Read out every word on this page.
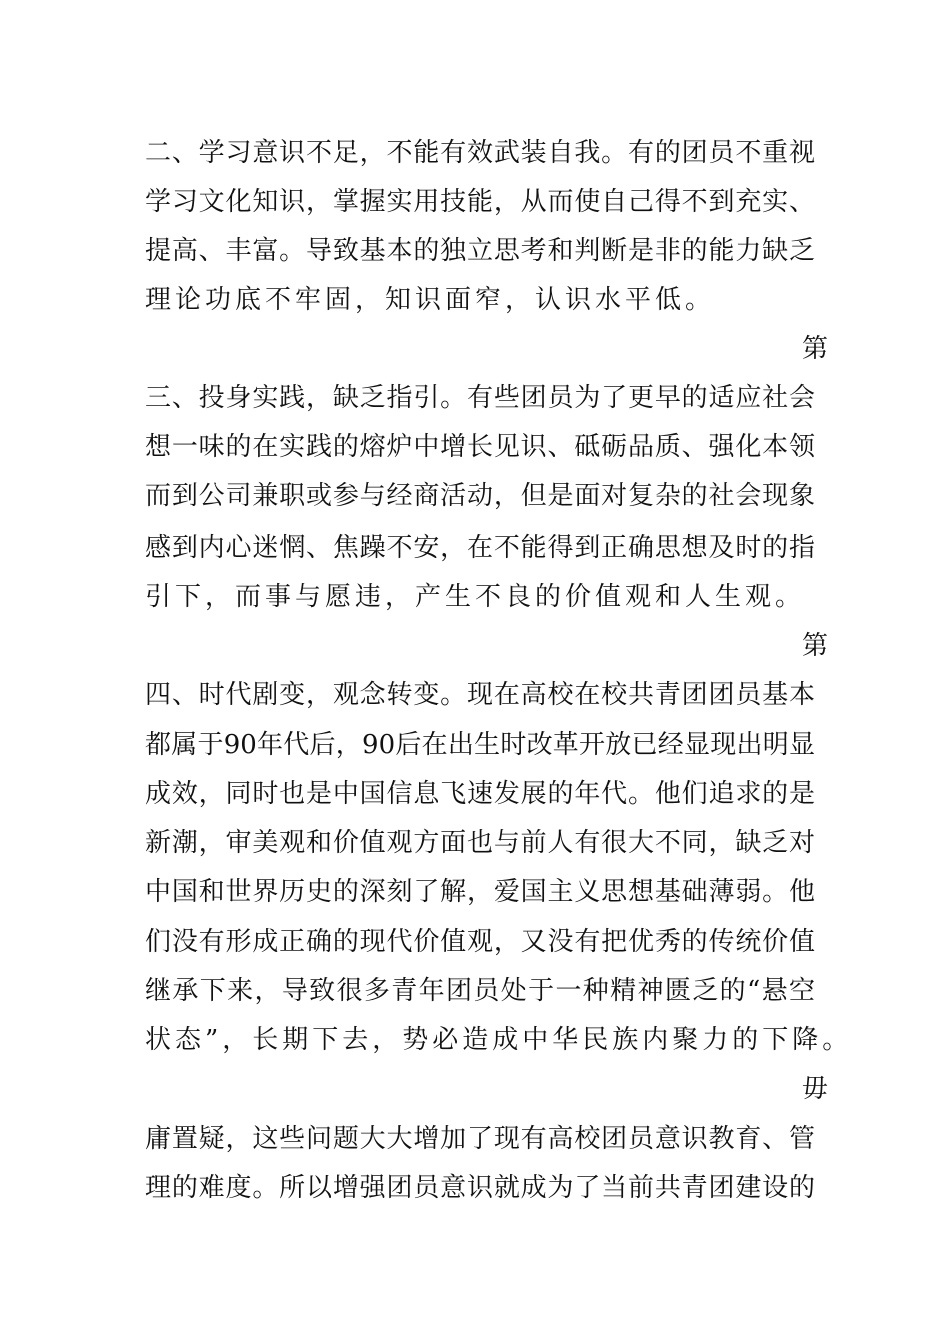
二、学习意识不足，不能有效武装自我。有的团员不重视
学习文化知识，掌握实用技能，从而使自己得不到充实、
提高、丰富。导致基本的独立思考和判断是非的能力缺乏
理论功底不牢固，知识面窄，认识水平低。
第
三、投身实践，缺乏指引。有些团员为了更早的适应社会
想一味的在实践的熔炉中增长见识、砥砺品质、强化本领
而到公司兼职或参与经商活动，但是面对复杂的社会现象
感到内心迷惘、焦躁不安，在不能得到正确思想及时的指
引下，而事与愿违，产生不良的价值观和人生观。
第
四、时代剧变，观念转变。现在高校在校共青团团员基本
都属于90年代后，90后在出生时改革开放已经显现出明显
成效，同时也是中国信息飞速发展的年代。他们追求的是
新潮，审美观和价值观方面也与前人有很大不同，缺乏对
中国和世界历史的深刻了解，爱国主义思想基础薄弱。他
们没有形成正确的现代价值观，又没有把优秀的传统价值
继承下来，导致很多青年团员处于一种精神匮乏的“悬空
状态”，长期下去，势必造成中华民族内聚力的下降。
毋
庸置疑，这些问题大大增加了现有高校团员意识教育、管
理的难度。所以增强团员意识就成为了当前共青团建设的
